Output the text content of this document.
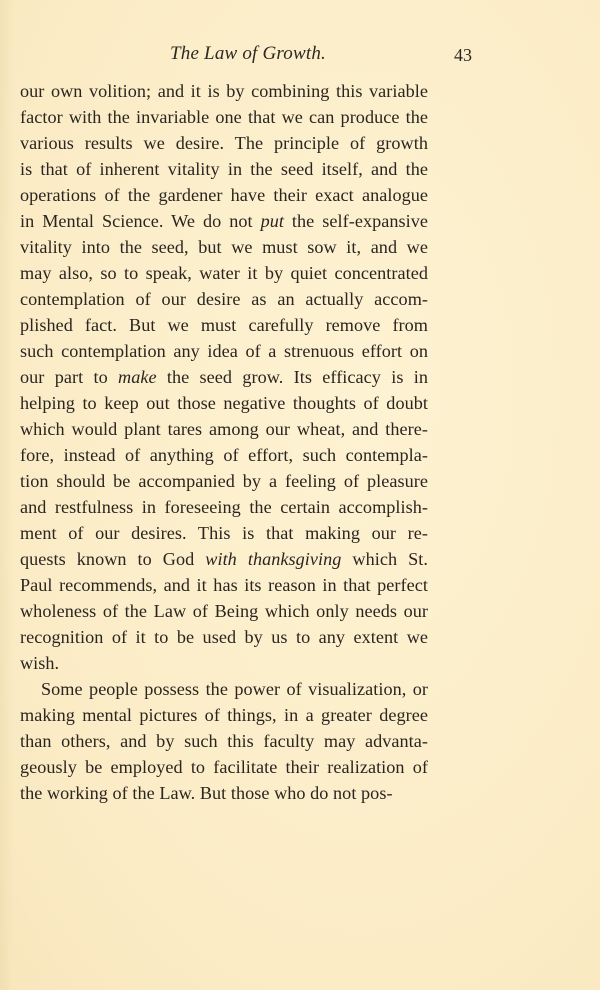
The Law of Growth.	43
our own volition; and it is by combining this variable
factor with the invariable one that we can produce the
various results we desire. The principle of growth
is that of inherent vitality in the seed itself, and the
operations of the gardener have their exact analogue
in Mental Science. We do not put the self-expansive
vitality into the seed, but we must sow it, and we
may also, so to speak, water it by quiet concentrated
contemplation of our desire as an actually accom-
plished fact. But we must carefully remove from
such contemplation any idea of a strenuous effort on
our part to make the seed grow. Its efficacy is in
helping to keep out those negative thoughts of doubt
which would plant tares among our wheat, and there-
fore, instead of anything of effort, such contempla-
tion should be accompanied by a feeling of pleasure
and restfulness in foreseeing the certain accomplish-
ment of our desires. This is that making our re-
quests known to God with thanksgiving which St.
Paul recommends, and it has its reason in that perfect
wholeness of the Law of Being which only needs our
recognition of it to be used by us to any extent we
wish.
Some people possess the power of visualization, or
making mental pictures of things, in a greater degree
than others, and by such this faculty may advanta-
geously be employed to facilitate their realization of
the working of the Law. But those who do not pos-
